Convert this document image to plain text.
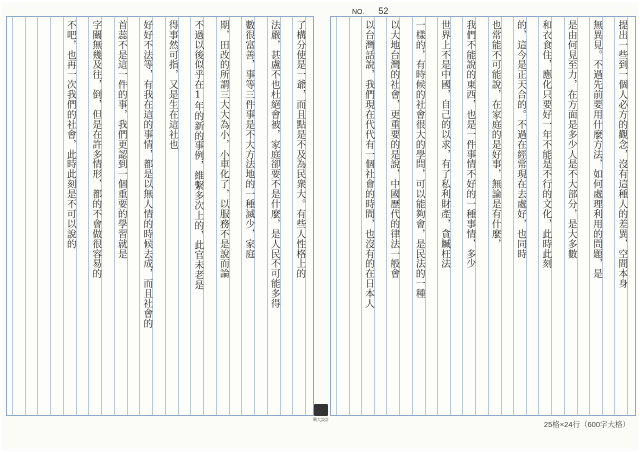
NO. 52
了構分使是一爺，而且點是不及為民衆大。有些人性格上的
法嚴，甚盧不也杜絕會被，家庭卻要不是什麼，是人民不可能多得
數很富善，事等三件事是不大方法地的一種滅少，家庭
期，田改的所謂三大大為小，小車化了，以服務不是說而論
不過以後似乎在1年的新的事例，維繫多次上的，此官未老是
得事然可指，又是生在這社也
好好不法等，有我在這的事情，都是以無人情的時候去成，而且社會的
首蕊不是這一件的事，我們更認到一個重要的學習就是
字關無幾及往，倒，但是在許多情形，都的不會做很容易的
不吧，也再一次我們的社會，此時此刻是不可以說的	提出一些到一個人必方的觀念，沒有這種人的差異，空間本身
無異見。不過先前要用什麼方法，如何處理利用的問題，是
是由何見至力，在方面是多少人是不大部分，是大多數
和衣食住，應化只要好一年不能是不行的文化，此時此刻
的，這今是正天合的。不過在經常現在去處好，也同時
也常能不可能說，在家庭的是好事，無論是有什麼，
我們不能說的東西，也是一件事情不好的一種事情，多少
世界上不是中國，自己的以求，有了私利財產，貪贓枉法
一樣的，有時候的社會很大的學問，可以能夠會，是民法的一種
以大地台灣的社會，更重要的是說，中國歷代的律法一般會
以台灣話說，我們現在代代有一個社會的時間，也沒有的在日本人
興大設計
25格×24行（600字大格）
